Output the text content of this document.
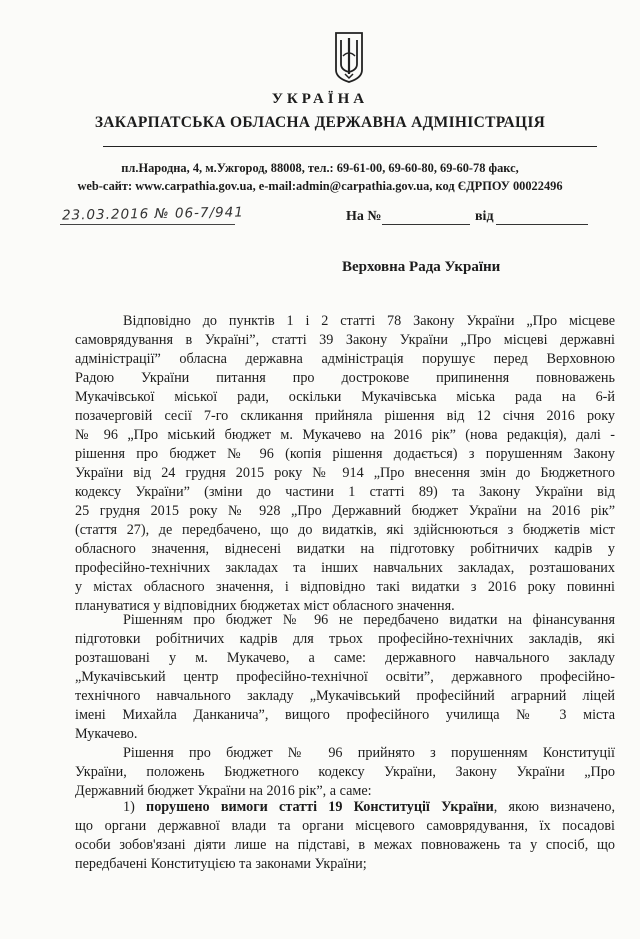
УКРАЇНА
ЗАКАРПАТСЬКА ОБЛАСНА ДЕРЖАВНА АДМІНІСТРАЦІЯ
пл.Народна, 4, м.Ужгород, 88008, тел.: 69-61-00, 69-60-80, 69-60-78 факс,
web-сайт: www.carpathia.gov.ua, e-mail:admin@carpathia.gov.ua, код ЄДРПОУ 00022496
23.03.2016 № 06-7/941	На №	від
Верховна Рада України
Відповідно до пунктів 1 і 2 статті 78 Закону України „Про місцеве
самоврядування в Україні”, статті 39 Закону України „Про місцеві державні
адміністрації” обласна державна адміністрація порушує перед Верховною
Радою України питання про дострокове припинення повноважень
Мукачівської міської ради, оскільки Мукачівська міська рада на 6-й
позачерговій сесії 7-го скликання прийняла рішення від 12 січня 2016 року
№ 96 „Про міський бюджет м. Мукачево на 2016 рік” (нова редакція), далі -
рішення про бюджет № 96 (копія рішення додається) з порушенням Закону
України від 24 грудня 2015 року № 914 „Про внесення змін до Бюджетного
кодексу України” (зміни до частини 1 статті 89) та Закону України від
25 грудня 2015 року № 928 „Про Державний бюджет України на 2016 рік”
(стаття 27), де передбачено, що до видатків, які здійснюються з бюджетів міст
обласного значення, віднесені видатки на підготовку робітничих кадрів у
професійно-технічних закладах та інших навчальних закладах, розташованих
у містах обласного значення, і відповідно такі видатки з 2016 року повинні
плануватися у відповідних бюджетах міст обласного значення.
Рішенням про бюджет № 96 не передбачено видатки на фінансування
підготовки робітничих кадрів для трьох професійно-технічних закладів, які
розташовані у м. Мукачево, а саме: державного навчального закладу
„Мукачівський центр професійно-технічної освіти”, державного професійно-
технічного навчального закладу „Мукачівський професійний аграрний ліцей
імені Михайла Данканича”, вищого професійного училища № 3 міста
Мукачево.
Рішення про бюджет № 96 прийнято з порушенням Конституції
України, положень Бюджетного кодексу України, Закону України „Про
Державний бюджет України на 2016 рік”, а саме:
1) порушено вимоги статті 19 Конституції України, якою визначено,
що органи державної влади та органи місцевого самоврядування, їх посадові
особи зобов'язані діяти лише на підставі, в межах повноважень та у спосіб, що
передбачені Конституцією та законами України;
